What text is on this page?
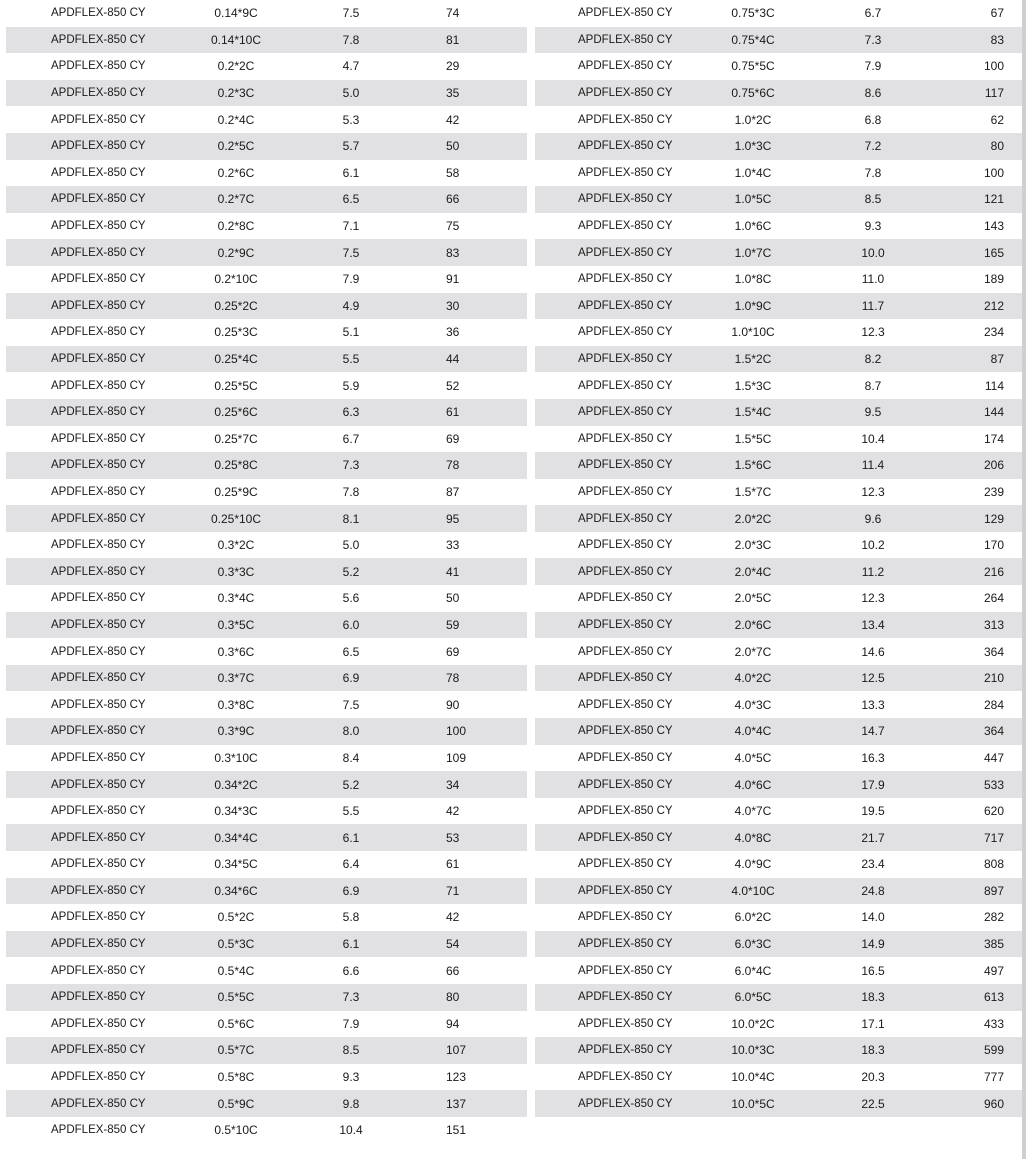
APDFLEX-850 CY	0.14*9C	7.5	74
APDFLEX-850 CY	0.14*10C	7.8	81
APDFLEX-850 CY	0.2*2C	4.7	29
APDFLEX-850 CY	0.2*3C	5.0	35
APDFLEX-850 CY	0.2*4C	5.3	42
APDFLEX-850 CY	0.2*5C	5.7	50
APDFLEX-850 CY	0.2*6C	6.1	58
APDFLEX-850 CY	0.2*7C	6.5	66
APDFLEX-850 CY	0.2*8C	7.1	75
APDFLEX-850 CY	0.2*9C	7.5	83
APDFLEX-850 CY	0.2*10C	7.9	91
APDFLEX-850 CY	0.25*2C	4.9	30
APDFLEX-850 CY	0.25*3C	5.1	36
APDFLEX-850 CY	0.25*4C	5.5	44
APDFLEX-850 CY	0.25*5C	5.9	52
APDFLEX-850 CY	0.25*6C	6.3	61
APDFLEX-850 CY	0.25*7C	6.7	69
APDFLEX-850 CY	0.25*8C	7.3	78
APDFLEX-850 CY	0.25*9C	7.8	87
APDFLEX-850 CY	0.25*10C	8.1	95
APDFLEX-850 CY	0.3*2C	5.0	33
APDFLEX-850 CY	0.3*3C	5.2	41
APDFLEX-850 CY	0.3*4C	5.6	50
APDFLEX-850 CY	0.3*5C	6.0	59
APDFLEX-850 CY	0.3*6C	6.5	69
APDFLEX-850 CY	0.3*7C	6.9	78
APDFLEX-850 CY	0.3*8C	7.5	90
APDFLEX-850 CY	0.3*9C	8.0	100
APDFLEX-850 CY	0.3*10C	8.4	109
APDFLEX-850 CY	0.34*2C	5.2	34
APDFLEX-850 CY	0.34*3C	5.5	42
APDFLEX-850 CY	0.34*4C	6.1	53
APDFLEX-850 CY	0.34*5C	6.4	61
APDFLEX-850 CY	0.34*6C	6.9	71
APDFLEX-850 CY	0.5*2C	5.8	42
APDFLEX-850 CY	0.5*3C	6.1	54
APDFLEX-850 CY	0.5*4C	6.6	66
APDFLEX-850 CY	0.5*5C	7.3	80
APDFLEX-850 CY	0.5*6C	7.9	94
APDFLEX-850 CY	0.5*7C	8.5	107
APDFLEX-850 CY	0.5*8C	9.3	123
APDFLEX-850 CY	0.5*9C	9.8	137
APDFLEX-850 CY	0.5*10C	10.4	151
APDFLEX-850 CY	0.75*3C	6.7	67
APDFLEX-850 CY	0.75*4C	7.3	83
APDFLEX-850 CY	0.75*5C	7.9	100
APDFLEX-850 CY	0.75*6C	8.6	117
APDFLEX-850 CY	1.0*2C	6.8	62
APDFLEX-850 CY	1.0*3C	7.2	80
APDFLEX-850 CY	1.0*4C	7.8	100
APDFLEX-850 CY	1.0*5C	8.5	121
APDFLEX-850 CY	1.0*6C	9.3	143
APDFLEX-850 CY	1.0*7C	10.0	165
APDFLEX-850 CY	1.0*8C	11.0	189
APDFLEX-850 CY	1.0*9C	11.7	212
APDFLEX-850 CY	1.0*10C	12.3	234
APDFLEX-850 CY	1.5*2C	8.2	87
APDFLEX-850 CY	1.5*3C	8.7	114
APDFLEX-850 CY	1.5*4C	9.5	144
APDFLEX-850 CY	1.5*5C	10.4	174
APDFLEX-850 CY	1.5*6C	11.4	206
APDFLEX-850 CY	1.5*7C	12.3	239
APDFLEX-850 CY	2.0*2C	9.6	129
APDFLEX-850 CY	2.0*3C	10.2	170
APDFLEX-850 CY	2.0*4C	11.2	216
APDFLEX-850 CY	2.0*5C	12.3	264
APDFLEX-850 CY	2.0*6C	13.4	313
APDFLEX-850 CY	2.0*7C	14.6	364
APDFLEX-850 CY	4.0*2C	12.5	210
APDFLEX-850 CY	4.0*3C	13.3	284
APDFLEX-850 CY	4.0*4C	14.7	364
APDFLEX-850 CY	4.0*5C	16.3	447
APDFLEX-850 CY	4.0*6C	17.9	533
APDFLEX-850 CY	4.0*7C	19.5	620
APDFLEX-850 CY	4.0*8C	21.7	717
APDFLEX-850 CY	4.0*9C	23.4	808
APDFLEX-850 CY	4.0*10C	24.8	897
APDFLEX-850 CY	6.0*2C	14.0	282
APDFLEX-850 CY	6.0*3C	14.9	385
APDFLEX-850 CY	6.0*4C	16.5	497
APDFLEX-850 CY	6.0*5C	18.3	613
APDFLEX-850 CY	10.0*2C	17.1	433
APDFLEX-850 CY	10.0*3C	18.3	599
APDFLEX-850 CY	10.0*4C	20.3	777
APDFLEX-850 CY	10.0*5C	22.5	960
